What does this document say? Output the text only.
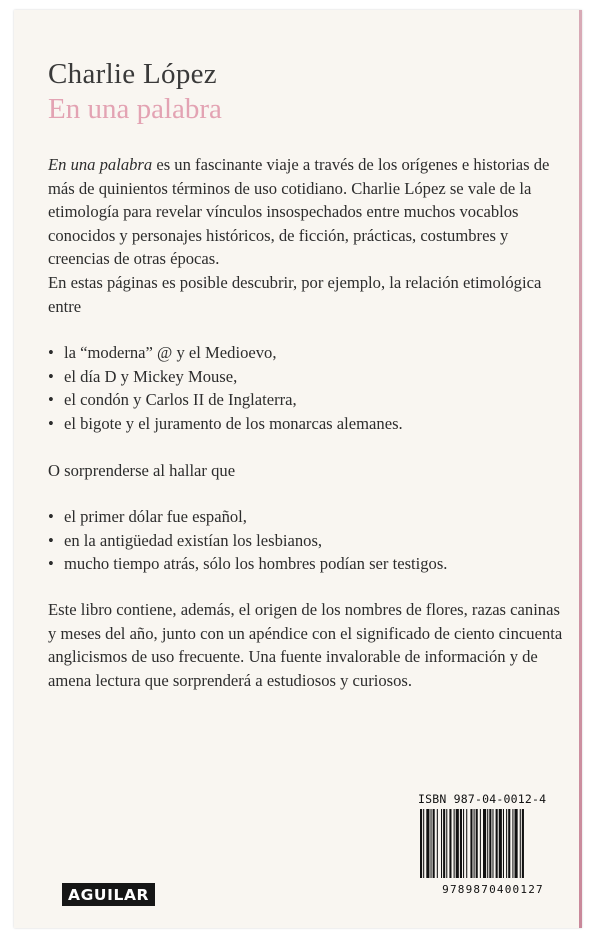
Charlie López
En una palabra

En una palabra es un fascinante viaje a través de los orígenes e historias de más de quinientos términos de uso cotidiano. Charlie López se vale de la etimología para revelar vínculos insospechados entre muchos vocablos conocidos y personajes históricos, de ficción, prácticas, costumbres y creencias de otras épocas.

En estas páginas es posible descubrir, por ejemplo, la relación etimológica entre

• la “moderna” @ y el Medioevo,
• el día D y Mickey Mouse,
• el condón y Carlos II de Inglaterra,
• el bigote y el juramento de los monarcas alemanes.

O sorprenderse al hallar que

• el primer dólar fue español,
• en la antigüedad existían los lesbianos,
• mucho tiempo atrás, sólo los hombres podían ser testigos.

Este libro contiene, además, el origen de los nombres de flores, razas caninas y meses del año, junto con un apéndice con el significado de ciento cincuenta anglicismos de uso frecuente. Una fuente invalorable de información y de amena lectura que sorprenderá a estudiosos y curiosos.

ISBN 987-04-0012-4
9789870400127
AGUILAR
